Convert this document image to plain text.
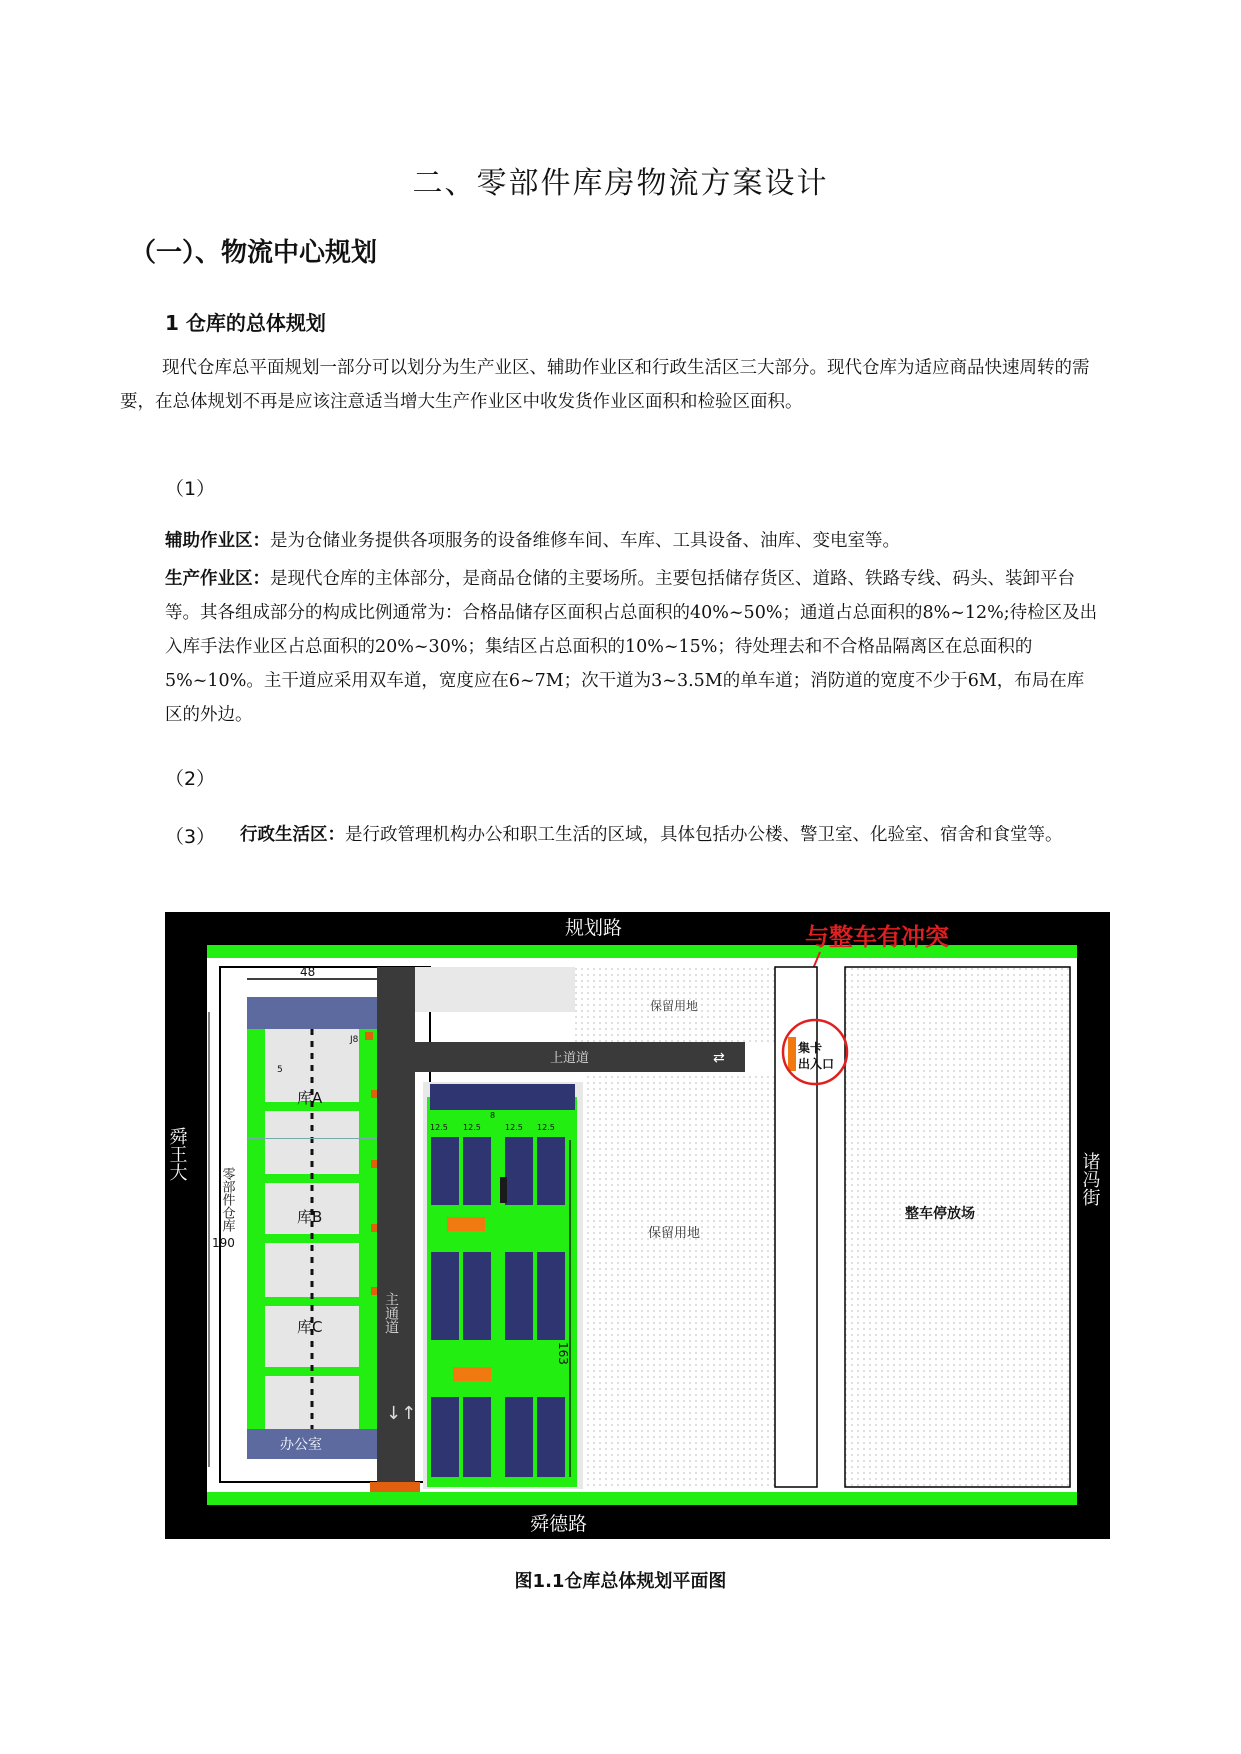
二、零部件库房物流方案设计
（一）、物流中心规划
1 仓库的总体规划
现代仓库总平面规划一部分可以划分为生产业区、辅助作业区和行政生活区三大部分。现代仓库为适应商品快速周转的需要，在总体规划不再是应该注意适当增大生产作业区中收发货作业区面积和检验区面积。
（1）
辅助作业区：是为仓储业务提供各项服务的设备维修车间、车库、工具设备、油库、变电室等。
生产作业区：是现代仓库的主体部分，是商品仓储的主要场所。主要包括储存货区、道路、铁路专线、码头、装卸平台等。其各组成部分的构成比例通常为：合格品储存区面积占总面积的40%~50%；通道占总面积的8%~12%;待检区及出入库手法作业区占总面积的20%~30%；集结区占总面积的10%~15%；待处理去和不合格品隔离区在总面积的5%~10%。主干道应采用双车道，宽度应在6~7M；次干道为3~3.5M的单车道；消防道的宽度不少于6M，布局在库区的外边。
（2）
（3） 行政生活区：是行政管理机构办公和职工生活的区域，具体包括办公楼、警卫室、化验室、宿舍和食堂等。
规划路
舜德路
舜王大	诸冯街
与整车有冲突
办公室
库A
库B
库C
零部件仓库
48
5
190
J8
上道道
主通道
↓↑
⇄
12.5 12.5	12.5 12.5
8
163
保留用地
保留用地
整车停放场
集卡
出入口
图1.1仓库总体规划平面图
